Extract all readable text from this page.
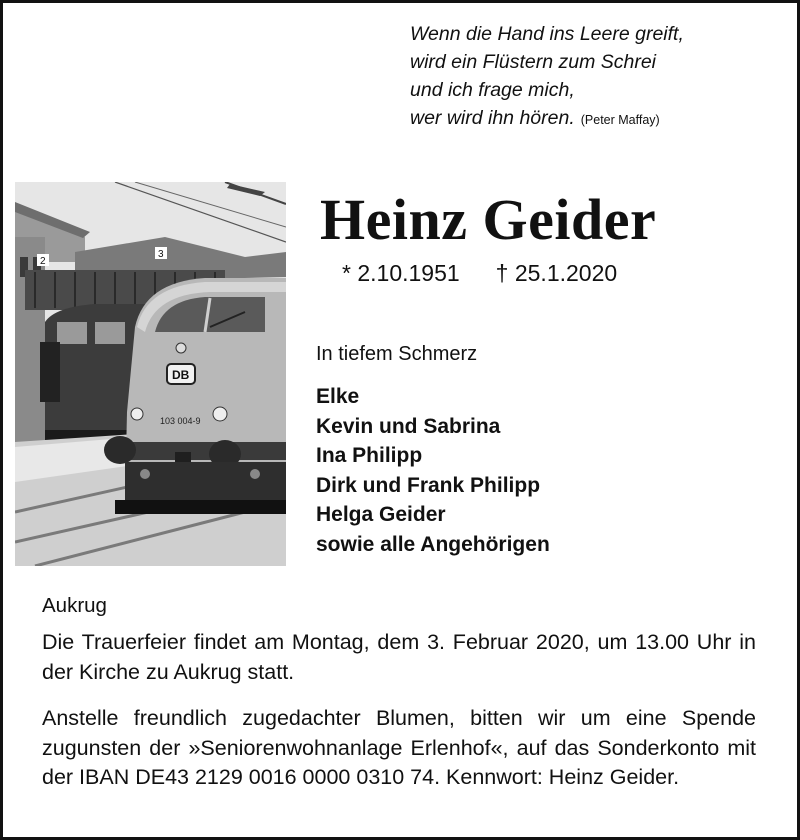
Wenn die Hand ins Leere greift,
wird ein Flüstern zum Schrei
und ich frage mich,
wer wird ihn hören. (Peter Maffay)
3
2
DB
103 004-9
Heinz Geider
* 2.10.1951 † 25.1.2020
In tiefem Schmerz
Elke
Kevin und Sabrina
Ina Philipp
Dirk und Frank Philipp
Helga Geider
sowie alle Angehörigen
Aukrug
Die Trauerfeier findet am Montag, dem 3. Februar 2020, um 13.00 Uhr in der Kirche zu Aukrug statt.
Anstelle freundlich zugedachter Blumen, bitten wir um eine Spende zugunsten der »Seniorenwohnanlage Erlenhof«, auf das Sonderkonto mit der IBAN DE43 2129 0016 0000 0310 74. Kennwort: Heinz Geider.
